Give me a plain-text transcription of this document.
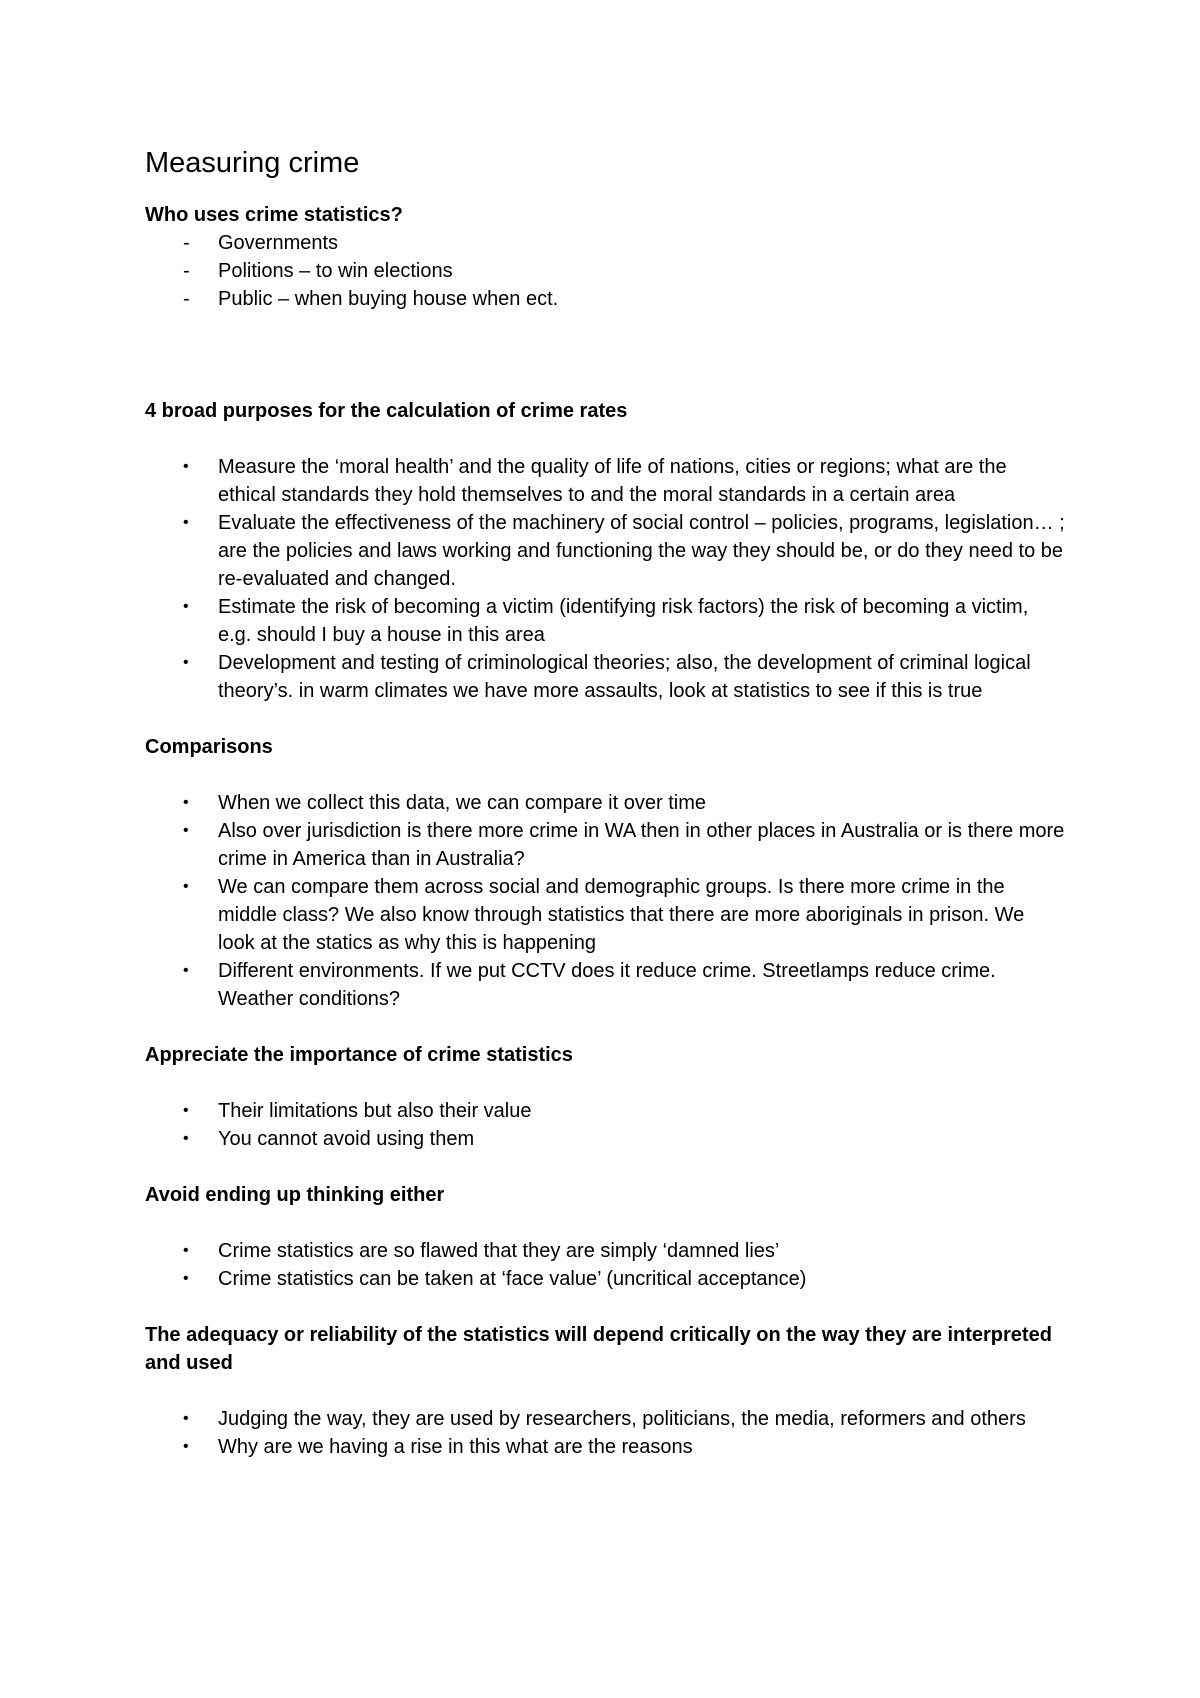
Measuring crime
Who uses crime statistics?
- Governments
- Politions – to win elections
- Public – when buying house when ect.
4 broad purposes for the calculation of crime rates
• Measure the ‘moral health’ and the quality of life of nations, cities or regions; what are the ethical standards they hold themselves to and the moral standards in a certain area
• Evaluate the effectiveness of the machinery of social control – policies, programs, legislation… ; are the policies and laws working and functioning the way they should be, or do they need to be re-evaluated and changed.
• Estimate the risk of becoming a victim (identifying risk factors) the risk of becoming a victim, e.g. should I buy a house in this area
• Development and testing of criminological theories; also, the development of criminal logical theory’s. in warm climates we have more assaults, look at statistics to see if this is true
Comparisons
• When we collect this data, we can compare it over time
• Also over jurisdiction is there more crime in WA then in other places in Australia or is there more crime in America than in Australia?
• We can compare them across social and demographic groups. Is there more crime in the middle class? We also know through statistics that there are more aboriginals in prison. We look at the statics as why this is happening
• Different environments. If we put CCTV does it reduce crime. Streetlamps reduce crime. Weather conditions?
Appreciate the importance of crime statistics
• Their limitations but also their value
• You cannot avoid using them
Avoid ending up thinking either
• Crime statistics are so flawed that they are simply ‘damned lies’
• Crime statistics can be taken at ‘face value’ (uncritical acceptance)
The adequacy or reliability of the statistics will depend critically on the way they are interpreted and used
• Judging the way, they are used by researchers, politicians, the media, reformers and others
• Why are we having a rise in this what are the reasons
